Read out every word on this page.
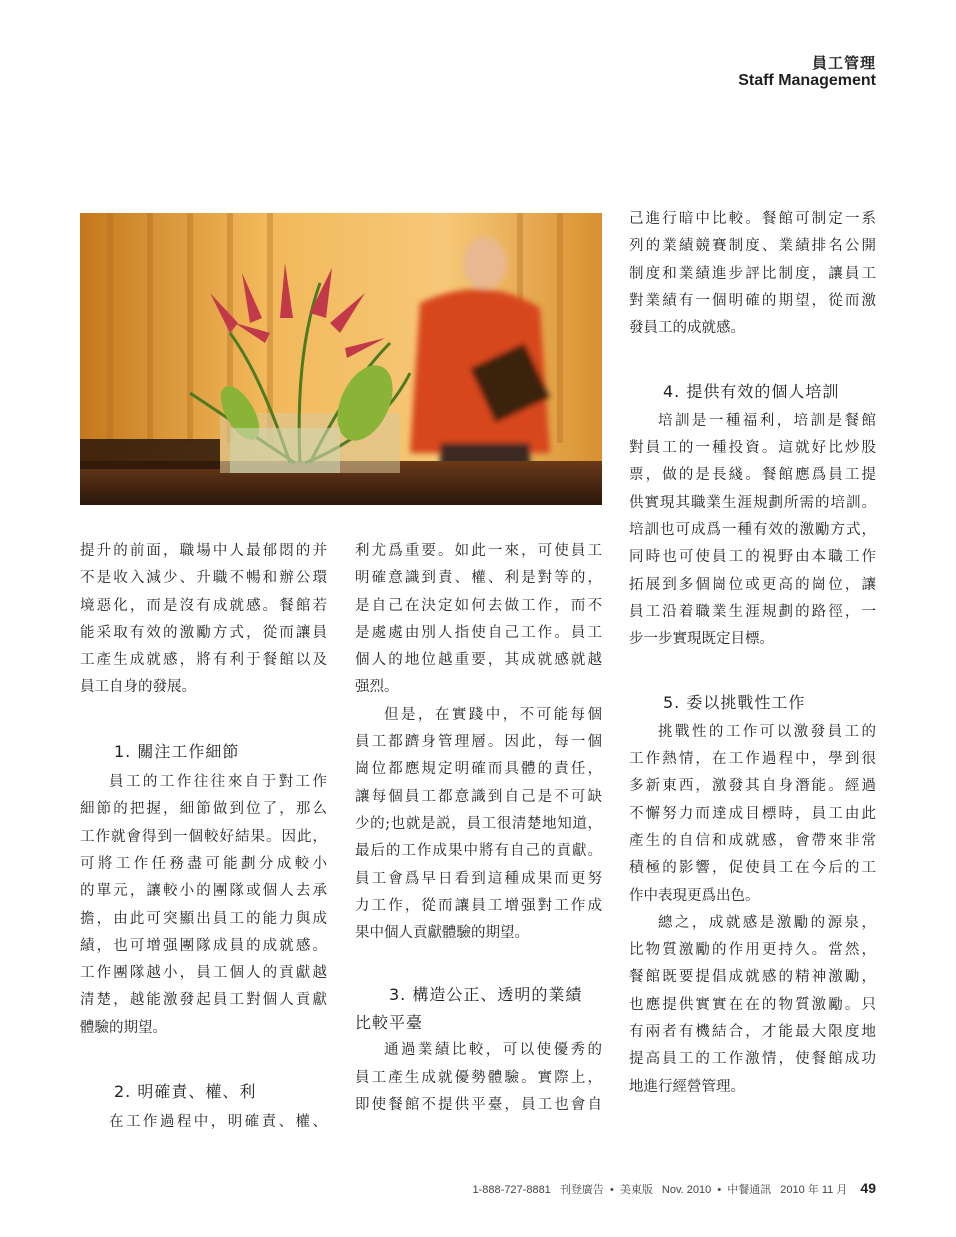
員工管理
Staff Management

提升的前面，職場中人最郁悶的并

不是收入減少、升職不暢和辦公環

境惡化，而是沒有成就感。餐館若

能采取有效的激勵方式，從而讓員

工產生成就感，將有利于餐館以及

員工自身的發展。

1. 關注工作細節

員工的工作往往來自于對工作

細節的把握，細節做到位了，那么

工作就會得到一個較好結果。因此，

可將工作任務盡可能劃分成較小

的單元，讓較小的團隊或個人去承

擔，由此可突顯出員工的能力與成

績，也可增强團隊成員的成就感。

工作團隊越小，員工個人的貢獻越

清楚，越能激發起員工對個人貢獻

體驗的期望。

2. 明確責、權、利

在工作過程中，明確責、權、

利尤爲重要。如此一來，可使員工

明確意識到責、權、利是對等的，

是自己在決定如何去做工作，而不

是處處由別人指使自己工作。員工

個人的地位越重要，其成就感就越

强烈。

但是，在實踐中，不可能每個

員工都躋身管理層。因此，每一個

崗位都應規定明確而具體的責任，

讓每個員工都意識到自己是不可缺

少的;也就是説，員工很清楚地知道，

最后的工作成果中將有自己的貢獻。

員工會爲早日看到這種成果而更努

力工作，從而讓員工增强對工作成

果中個人貢獻體驗的期望。

3. 構造公正、透明的業績
比較平臺

通過業績比較，可以使優秀的

員工產生成就優勢體驗。實際上，

即使餐館不提供平臺，員工也會自

己進行暗中比較。餐館可制定一系

列的業績競賽制度、業績排名公開

制度和業績進步評比制度，讓員工

對業績有一個明確的期望，從而激

發員工的成就感。

4. 提供有效的個人培訓

培訓是一種福利，培訓是餐館

對員工的一種投資。這就好比炒股

票，做的是長綫。餐館應爲員工提

供實現其職業生涯規劃所需的培訓。

培訓也可成爲一種有效的激勵方式，

同時也可使員工的視野由本職工作

拓展到多個崗位或更高的崗位，讓

員工沿着職業生涯規劃的路徑，一

步一步實現既定目標。

5. 委以挑戰性工作

挑戰性的工作可以激發員工的

工作熱情，在工作過程中，學到很

多新東西，激發其自身潛能。經過

不懈努力而達成目標時，員工由此

產生的自信和成就感，會帶來非常

積極的影響，促使員工在今后的工

作中表現更爲出色。

總之，成就感是激勵的源泉，

比物質激勵的作用更持久。當然，

餐館既要提倡成就感的精神激勵，

也應提供實實在在的物質激勵。只

有兩者有機結合，才能最大限度地

提高員工的工作激情，使餐館成功

地進行經營管理。

1-888-727-8881 刊登廣告 • 美東版 Nov. 2010 • 中餐通訊 2010 年 11 月 49
